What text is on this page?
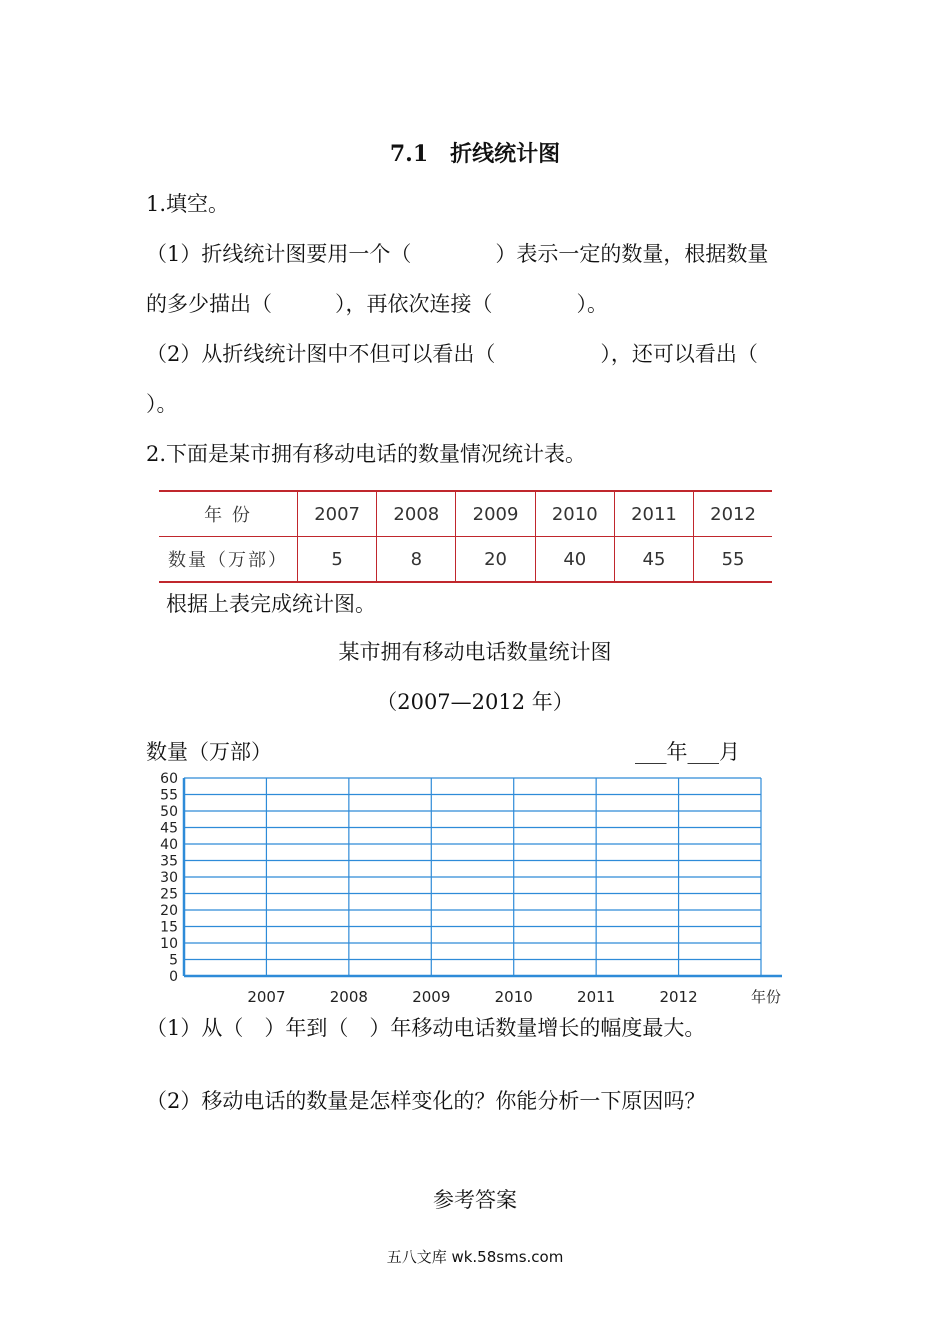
7.1　折线统计图
1.填空。
（1）折线统计图要用一个（　　　　）表示一定的数量，根据数量
的多少描出（　　　），再依次连接（　　　　）。
（2）从折线统计图中不但可以看出（　　　　　），还可以看出（
）。
2.下面是某市拥有移动电话的数量情况统计表。
年 份	2007	2008	2009	2010	2011	2012
数量（万部）	5	8	20	40	45	55
根据上表完成统计图。
某市拥有移动电话数量统计图
（2007—2012 年）
数量（万部）	___年___月
0
5
10
15
20
25
30
35
40
45
50
55
60
2007	2008	2009	2010	2011	2012	年份
（1）从（　）年到（　）年移动电话数量增长的幅度最大。
（2）移动电话的数量是怎样变化的？你能分析一下原因吗？
参考答案
五八文库 wk.58sms.com
